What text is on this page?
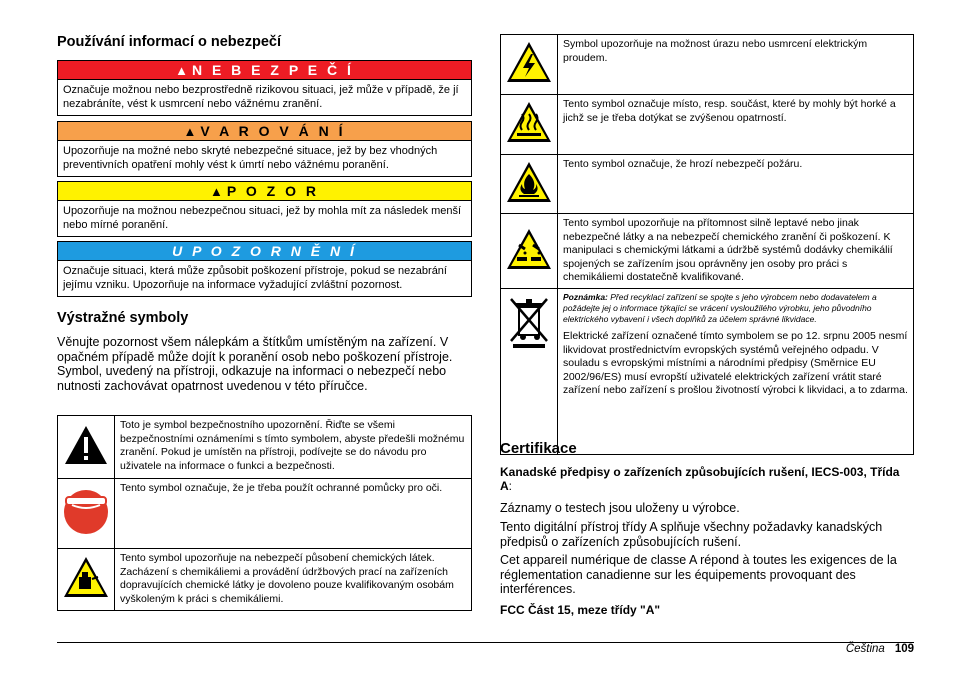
Používání informací o nebezpečí
▲ N E B E Z P E Č Í
Označuje možnou nebo bezprostředně rizikovou situaci, jež může v případě, že jí nezabráníte, vést k usmrcení nebo vážnému zranění.
▲ V A R O V Á N Í
Upozorňuje na možné nebo skryté nebezpečné situace, jež by bez vhodných preventivních opatření mohly vést k úmrtí nebo vážnému poranění.
▲ P O Z O R
Upozorňuje na možnou nebezpečnou situaci, jež by mohla mít za následek menší nebo mírné poranění.
U P O Z O R N Ě N Í
Označuje situaci, která může způsobit poškození přístroje, pokud se nezabrání jejímu vzniku. Upozorňuje na informace vyžadující zvláštní pozornost.
Výstražné symboly

Věnujte pozornost všem nálepkám a štítkům umístěným na zařízení. V opačném případě může dojít k poranění osob nebo poškození přístroje. Symbol, uvedený na přístroji, odkazuje na informaci o nebezpečí nebo nutnosti zachovávat opatrnost uvedenou v této příručce.

	Toto je symbol bezpečnostního upozornění. Řiďte se všemi bezpečnostními oznámeními s tímto symbolem, abyste předešli možnému zranění. Pokud je umístěn na přístroji, podívejte se do návodu pro uživatele na informace o funkci a bezpečnosti.
	Tento symbol označuje, že je třeba použít ochranné pomůcky pro oči.
	Tento symbol upozorňuje na nebezpečí působení chemických látek. Zacházení s chemikáliemi a provádění údržbových prací na zařízeních dopravujících chemické látky je dovoleno pouze kvalifikovaným osobám vyškoleným k práci s chemikáliemi.
	Symbol upozorňuje na možnost úrazu nebo usmrcení elektrickým proudem.
	Tento symbol označuje místo, resp. součást, které by mohly být horké a jichž se je třeba dotýkat se zvýšenou opatrností.
	Tento symbol označuje, že hrozí nebezpečí požáru.
	Tento symbol upozorňuje na přítomnost silně leptavé nebo jinak nebezpečné látky a na nebezpečí chemického zranění či poškození. K manipulaci s chemickými látkami a údržbě systémů dodávky chemikálií spojených se zařízením jsou oprávněny jen osoby pro práci s chemikáliemi dostatečně kvalifikované.

Poznámka: Před recyklací zařízení se spojte s jeho výrobcem nebo dodavatelem a požádejte jej o informace týkající se vrácení vysloužilého výrobku, jeho původního elektrického vybavení i všech doplňků za účelem správné likvidace.
Elektrické zařízení označené tímto symbolem se po 12. srpnu 2005 nesmí likvidovat prostřednictvím evropských systémů veřejného odpadu. V souladu s evropskými místními a národními předpisy (Směrnice EU 2002/96/ES) musí evropští uživatelé elektrických zařízení vrátit staré zařízení nebo zařízení s prošlou životností výrobci k likvidaci, a to zdarma.
Certifikace

Kanadské předpisy o zařízeních způsobujících rušení, IECS-003, Třída A:

Záznamy o testech jsou uloženy u výrobce.

Tento digitální přístroj třídy A splňuje všechny požadavky kanadských předpisů o zařízeních způsobujících rušení.

Cet appareil numérique de classe A répond à toutes les exigences de la réglementation canadienne sur les équipements provoquant des interférences.

FCC Část 15, meze třídy "A"

Čeština 109
